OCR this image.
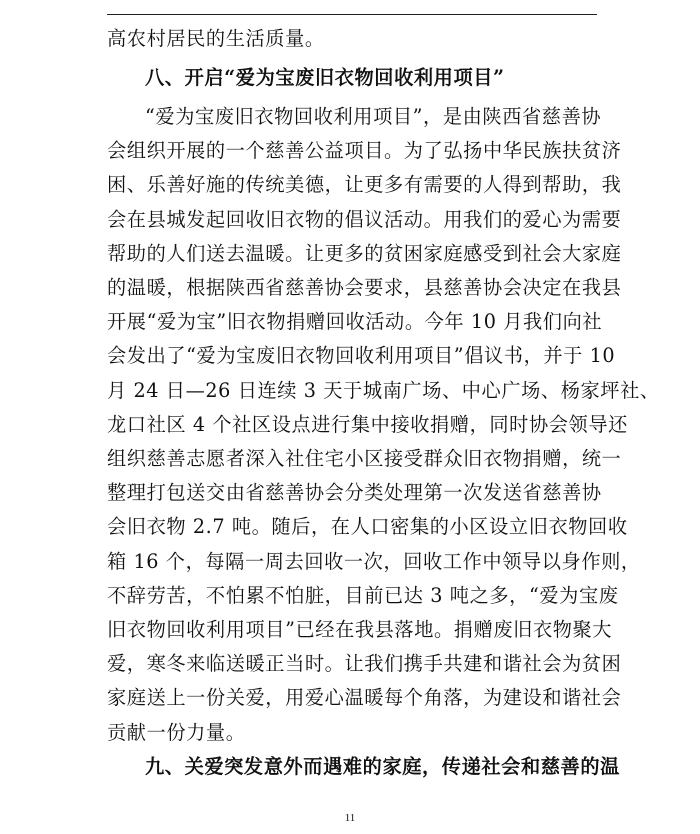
高农村居民的生活质量。
八、开启“爱为宝废旧衣物回收利用项目”
“爱为宝废旧衣物回收利用项目”，是由陕西省慈善协
会组织开展的一个慈善公益项目。为了弘扬中华民族扶贫济
困、乐善好施的传统美德，让更多有需要的人得到帮助，我
会在县城发起回收旧衣物的倡议活动。用我们的爱心为需要
帮助的人们送去温暖。让更多的贫困家庭感受到社会大家庭
的温暖，根据陕西省慈善协会要求，县慈善协会决定在我县
开展“爱为宝”旧衣物捐赠回收活动。今年 10 月我们向社
会发出了“爱为宝废旧衣物回收利用项目”倡议书，并于 10
月 24 日—26 日连续 3 天于城南广场、中心广场、杨家坪社、
龙口社区 4 个社区设点进行集中接收捐赠，同时协会领导还
组织慈善志愿者深入社住宅小区接受群众旧衣物捐赠，统一
整理打包送交由省慈善协会分类处理第一次发送省慈善协
会旧衣物 2.7 吨。随后，在人口密集的小区设立旧衣物回收
箱 16 个，每隔一周去回收一次，回收工作中领导以身作则，
不辞劳苦，不怕累不怕脏，目前已达 3 吨之多，“爱为宝废
旧衣物回收利用项目”已经在我县落地。捐赠废旧衣物聚大
爱，寒冬来临送暖正当时。让我们携手共建和谐社会为贫困
家庭送上一份关爱，用爱心温暖每个角落，为建设和谐社会
贡献一份力量。
11
九、关爱突发意外而遇难的家庭，传递社会和慈善的温
